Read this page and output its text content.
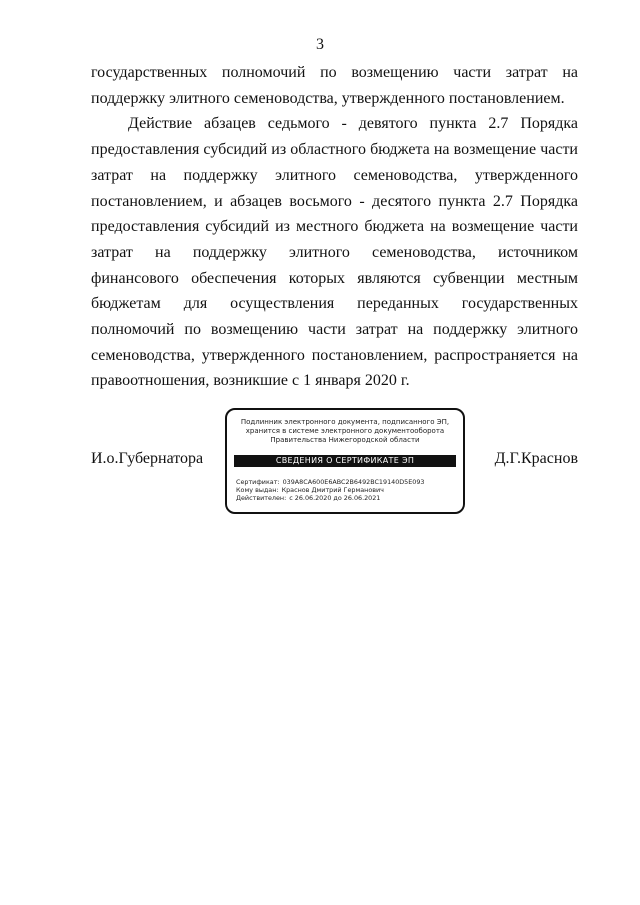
3

государственных полномочий по возмещению части затрат на поддержку элитного семеноводства, утвержденного постановлением.

Действие абзацев седьмого - девятого пункта 2.7 Порядка предоставления субсидий из областного бюджета на возмещение части затрат на поддержку элитного семеноводства, утвержденного постановлением, и абзацев восьмого - десятого пункта 2.7 Порядка предоставления субсидий из местного бюджета на возмещение части затрат на поддержку элитного семеноводства, источником финансового обеспечения которых являются субвенции местным бюджетам для осуществления переданных государственных полномочий по возмещению части затрат на поддержку элитного семеноводства, утвержденного постановлением, распространяется на правоотношения, возникшие с 1 января 2020 г.

И.о.Губернатора	Д.Г.Краснов
Подлинник электронного документа, подписанного ЭП,
хранится в системе электронного документооборота
Правительства Нижегородской области
СВЕДЕНИЯ О СЕРТИФИКАТЕ ЭП
Сертификат: 039A8CA600E6ABC2B6492BC19140D5E093
Кому выдан: Краснов Дмитрий Германович
Действителен: с 26.06.2020 до 26.06.2021
